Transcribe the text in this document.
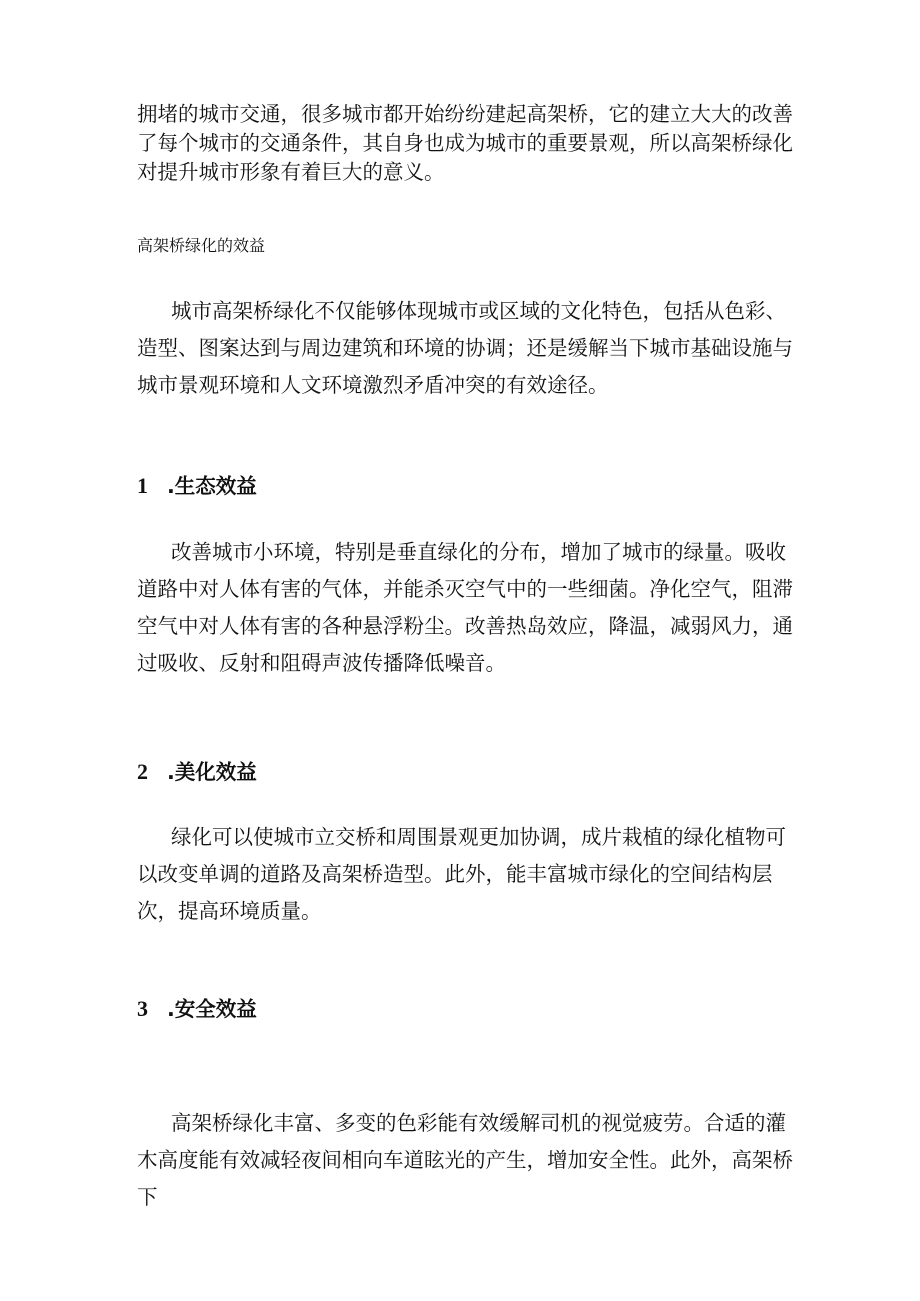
拥堵的城市交通，很多城市都开始纷纷建起高架桥，它的建立大大的改善了每个城市的交通条件，其自身也成为城市的重要景观，所以高架桥绿化对提升城市形象有着巨大的意义。

高架桥绿化的效益

城市高架桥绿化不仅能够体现城市或区域的文化特色，包括从色彩、造型、图案达到与周边建筑和环境的协调；还是缓解当下城市基础设施与城市景观环境和人文环境激烈矛盾冲突的有效途径。

1 .生态效益

改善城市小环境，特别是垂直绿化的分布，增加了城市的绿量。吸收道路中对人体有害的气体，并能杀灭空气中的一些细菌。净化空气，阻滞空气中对人体有害的各种悬浮粉尘。改善热岛效应，降温，减弱风力，通过吸收、反射和阻碍声波传播降低噪音。

2 .美化效益

绿化可以使城市立交桥和周围景观更加协调，成片栽植的绿化植物可以改变单调的道路及高架桥造型。此外，能丰富城市绿化的空间结构层次，提高环境质量。

3 .安全效益

高架桥绿化丰富、多变的色彩能有效缓解司机的视觉疲劳。合适的灌木高度能有效减轻夜间相向车道眩光的产生，增加安全性。此外，高架桥下
